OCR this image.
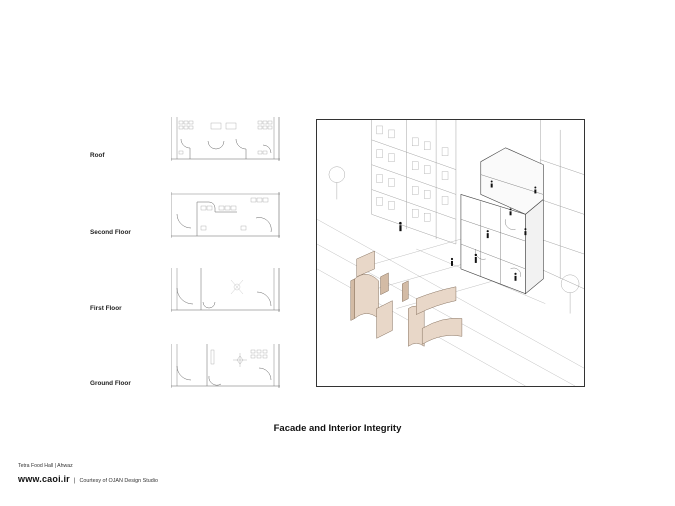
Roof
Second Floor
First Floor
Ground Floor
Facade and Interior Integrity
Tetra Food Hall | Ahwaz
www.caoi.ir | Courtesy of OJAN Design Studio
